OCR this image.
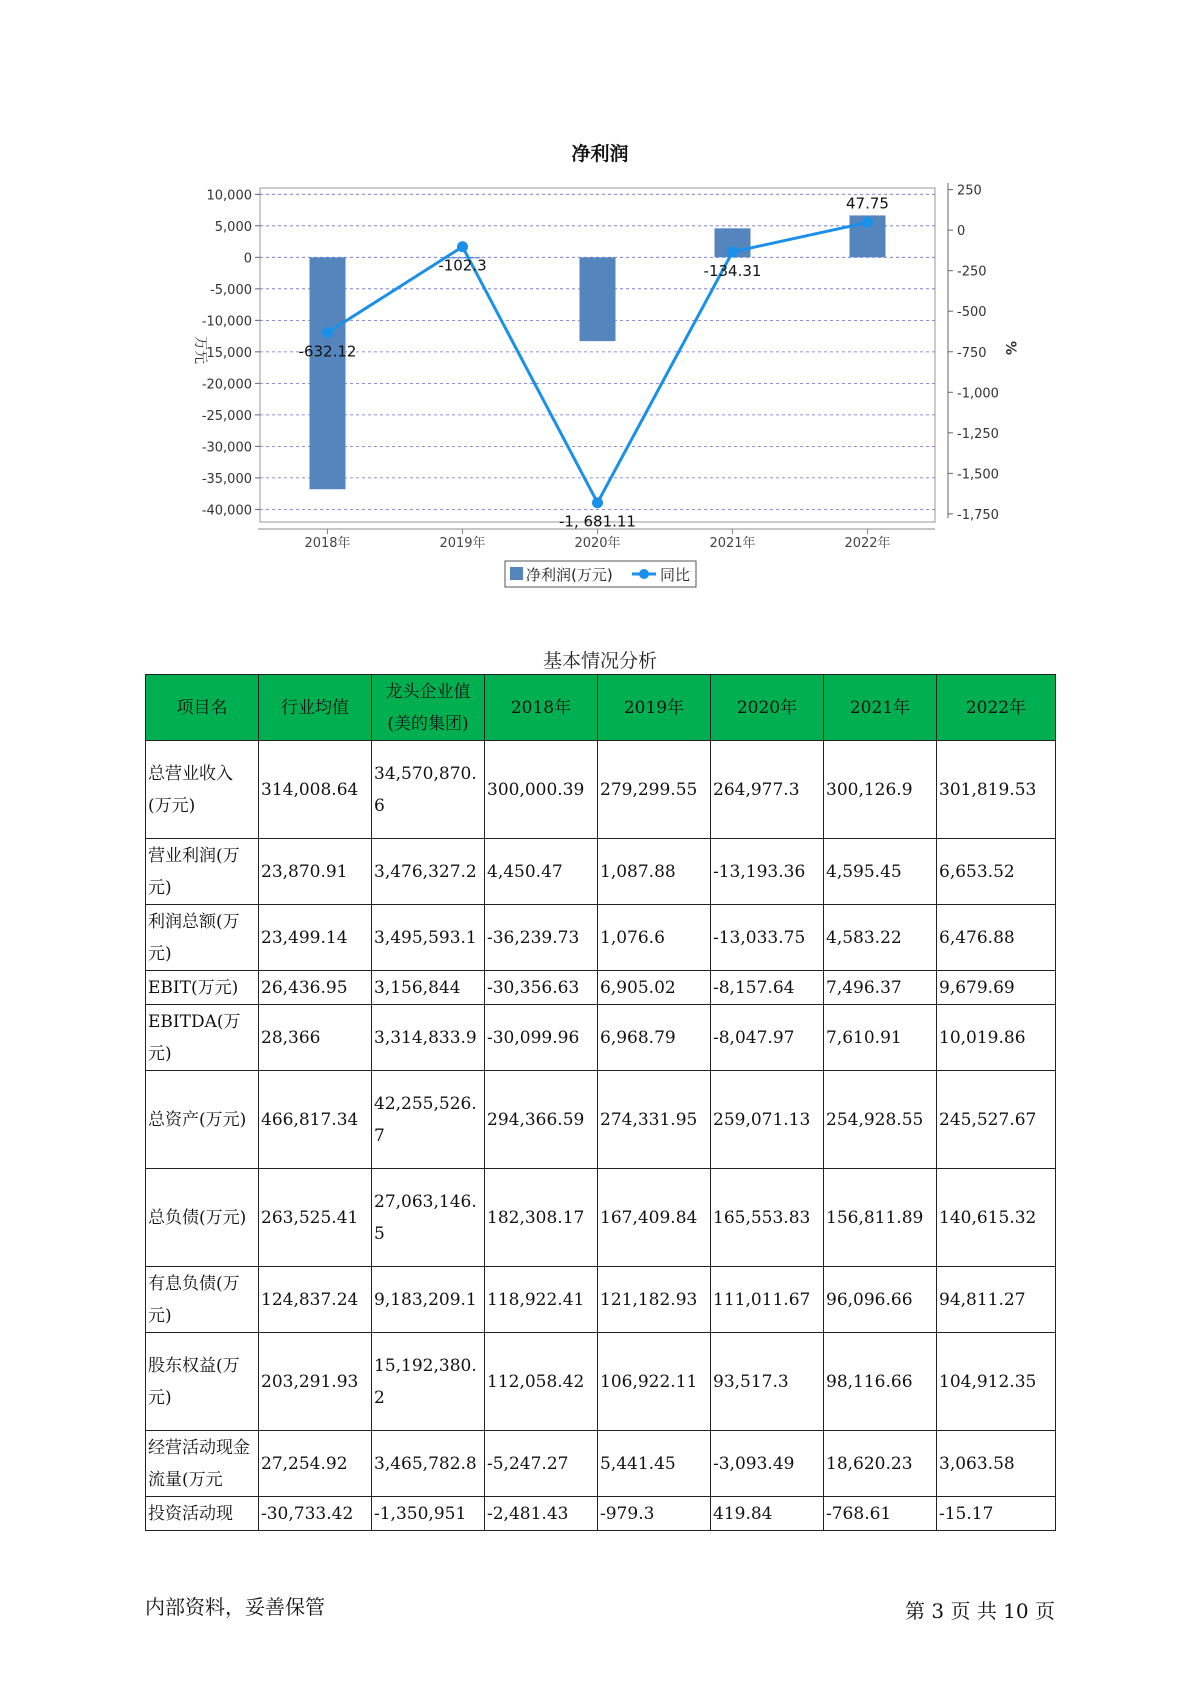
净利润
10,000
5,000
0
-5,000
-10,000
-15,000
-20,000
-25,000
-30,000
-35,000
-40,000
250
0
-250
-500
-750
-1,000
-1,250
-1,500
-1,750
2018年	2019年	2020年	2021年	2022年
-632.12
-102.3
-1, 681.11
-134.31
47.75
万元	%
净利润(万元)	同比
基本情况分析
项目名	行业均值	龙头企业值(美的集团)	2018年	2019年	2020年	2021年	2022年
总营业收入(万元)	314,008.64	34,570,870.6	300,000.39	279,299.55	264,977.3	300,126.9	301,819.53
营业利润(万元)	23,870.91	3,476,327.2	4,450.47	1,087.88	-13,193.36	4,595.45	6,653.52
利润总额(万元)	23,499.14	3,495,593.1	-36,239.73	1,076.6	-13,033.75	4,583.22	6,476.88
EBIT(万元)	26,436.95	3,156,844	-30,356.63	6,905.02	-8,157.64	7,496.37	9,679.69
EBITDA(万元)	28,366	3,314,833.9	-30,099.96	6,968.79	-8,047.97	7,610.91	10,019.86
总资产(万元)	466,817.34	42,255,526.7	294,366.59	274,331.95	259,071.13	254,928.55	245,527.67
总负债(万元)	263,525.41	27,063,146.5	182,308.17	167,409.84	165,553.83	156,811.89	140,615.32
有息负债(万元)	124,837.24	9,183,209.1	118,922.41	121,182.93	111,011.67	96,096.66	94,811.27
股东权益(万元)	203,291.93	15,192,380.2	112,058.42	106,922.11	93,517.3	98,116.66	104,912.35
经营活动现金流量(万元	27,254.92	3,465,782.8	-5,247.27	5,441.45	-3,093.49	18,620.23	3,063.58
投资活动现	-30,733.42	-1,350,951	-2,481.43	-979.3	419.84	-768.61	-15.17
内部资料，妥善保管	第 3 页 共 10 页
